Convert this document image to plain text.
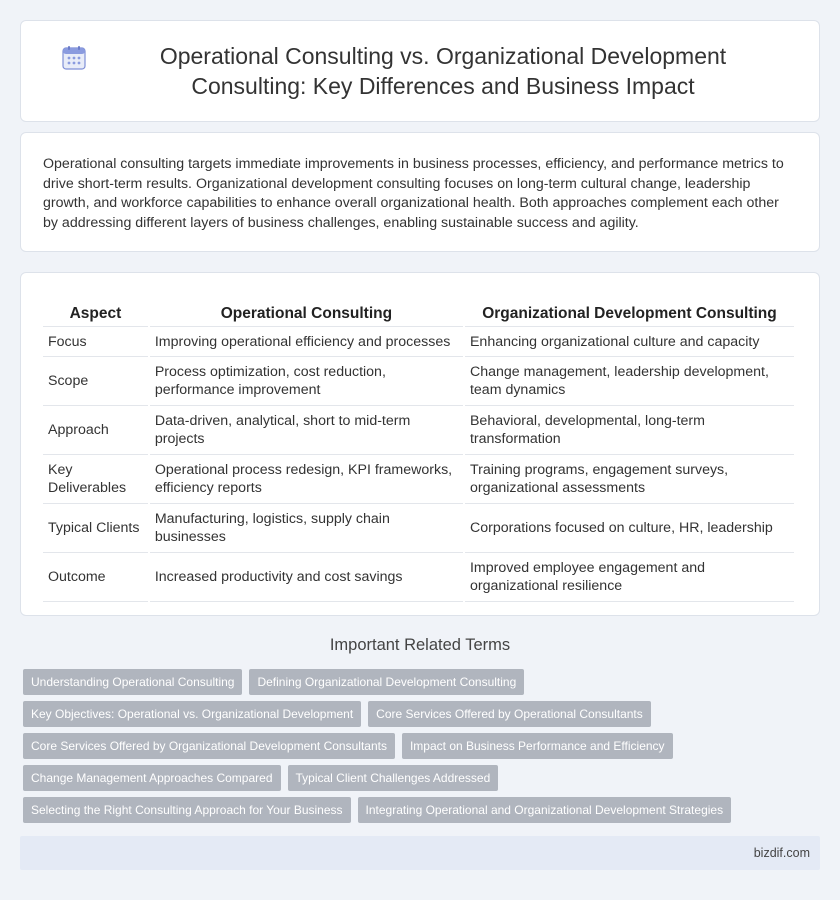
Operational Consulting vs. Organizational Development Consulting: Key Differences and Business Impact

Operational consulting targets immediate improvements in business processes, efficiency, and performance metrics to drive short-term results. Organizational development consulting focuses on long-term cultural change, leadership growth, and workforce capabilities to enhance overall organizational health. Both approaches complement each other by addressing different layers of business challenges, enabling sustainable success and agility.

Aspect	Operational Consulting	Organizational Development Consulting
Focus	Improving operational efficiency and processes	Enhancing organizational culture and capacity
Scope	Process optimization, cost reduction, performance improvement	Change management, leadership development, team dynamics
Approach	Data-driven, analytical, short to mid-term projects	Behavioral, developmental, long-term transformation
Key Deliverables	Operational process redesign, KPI frameworks, efficiency reports	Training programs, engagement surveys, organizational assessments
Typical Clients	Manufacturing, logistics, supply chain businesses	Corporations focused on culture, HR, leadership
Outcome	Increased productivity and cost savings	Improved employee engagement and organizational resilience
Important Related Terms
Understanding Operational Consulting	Defining Organizational Development Consulting
Key Objectives: Operational vs. Organizational Development	Core Services Offered by Operational Consultants
Core Services Offered by Organizational Development Consultants	Impact on Business Performance and Efficiency
Change Management Approaches Compared	Typical Client Challenges Addressed
Selecting the Right Consulting Approach for Your Business	Integrating Operational and Organizational Development Strategies
bizdif.com
